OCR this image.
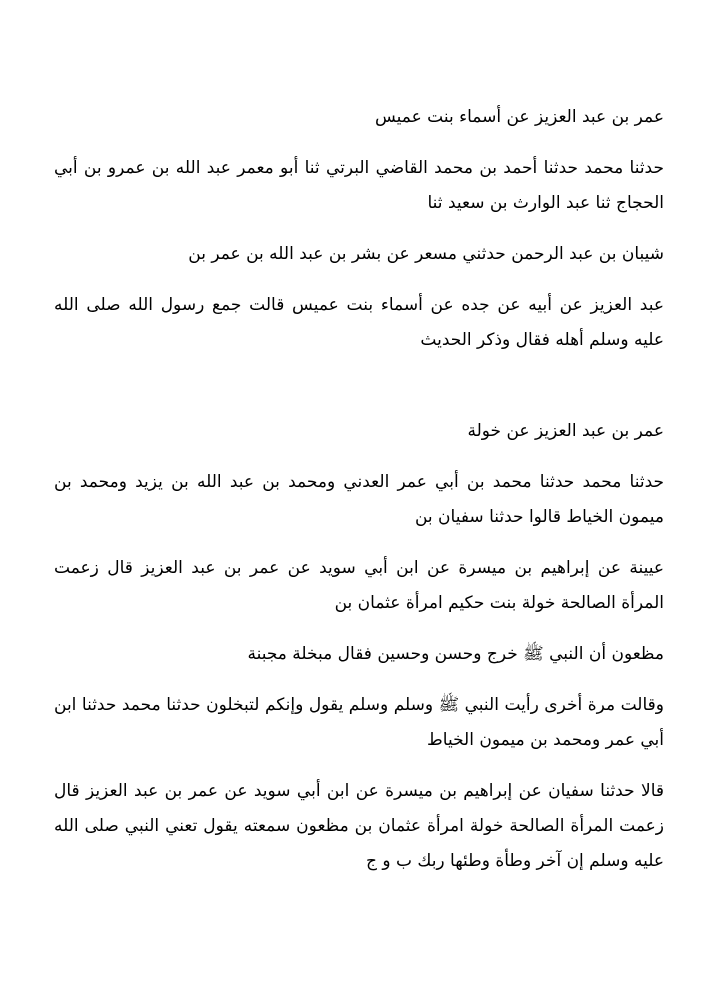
عمر بن عبد العزيز عن أسماء بنت عميس

حدثنا محمد حدثنا أحمد بن محمد القاضي البرتي ثنا أبو معمر عبد الله بن عمرو بن أبي الحجاج ثنا عبد الوارث بن سعيد ثنا

شيبان بن عبد الرحمن حدثني مسعر عن بشر بن عبد الله بن عمر بن

عبد العزيز عن أبيه عن جده عن أسماء بنت عميس قالت جمع رسول الله صلى الله عليه وسلم أهله فقال وذكر الحديث

عمر بن عبد العزيز عن خولة

حدثنا محمد حدثنا محمد بن أبي عمر العدني ومحمد بن عبد الله بن يزيد ومحمد بن ميمون الخياط قالوا حدثنا سفيان بن

عيينة عن إبراهيم بن ميسرة عن ابن أبي سويد عن عمر بن عبد العزيز قال زعمت المرأة الصالحة خولة بنت حكيم امرأة عثمان بن

مظعون أن النبي ﷺ خرج وحسن وحسين فقال مبخلة مجبنة

وقالت مرة أخرى رأيت النبي ﷺ وسلم وسلم يقول وإنكم لتبخلون حدثنا محمد حدثنا ابن أبي عمر ومحمد بن ميمون الخياط

قالا حدثنا سفيان عن إبراهيم بن ميسرة عن ابن أبي سويد عن عمر بن عبد العزيز قال زعمت المرأة الصالحة خولة امرأة عثمان بن مظعون سمعته يقول تعني النبي صلى الله عليه وسلم إن آخر وطأة وطئها ربك ب و ج
